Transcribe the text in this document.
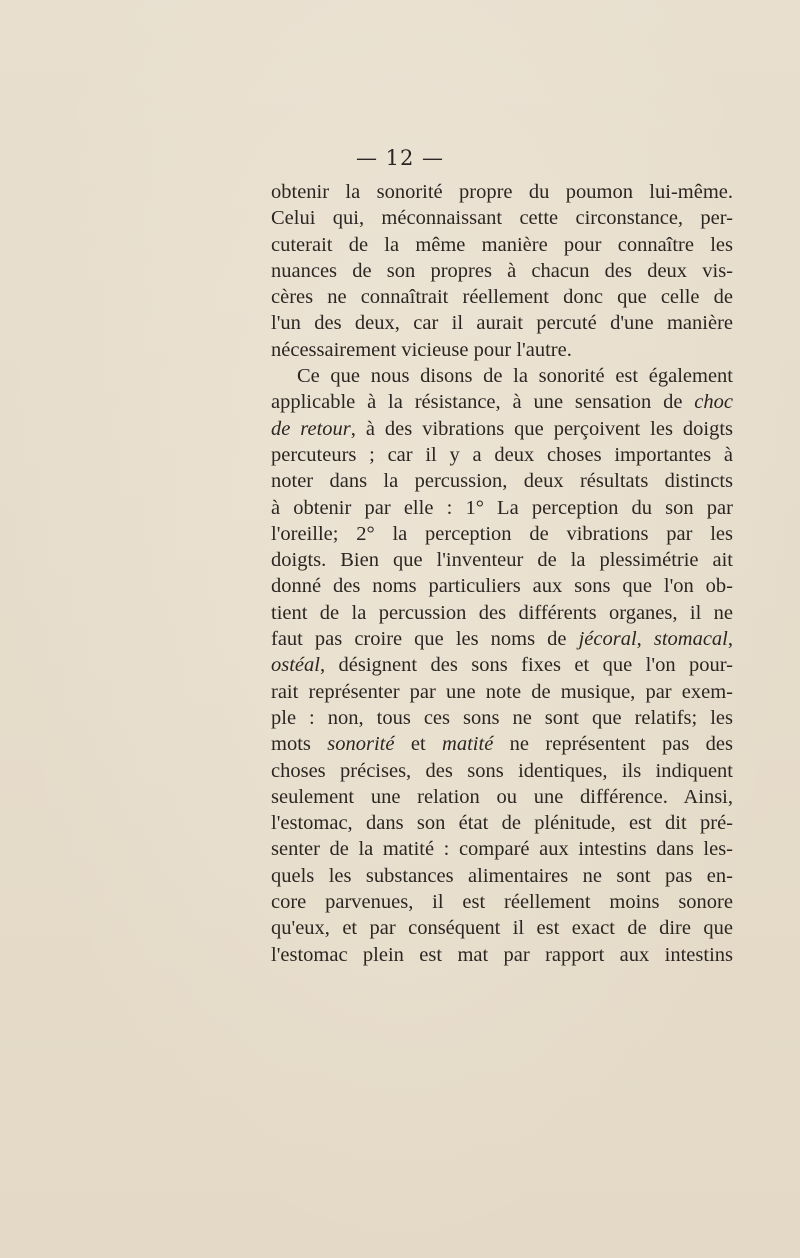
— 12 —
obtenir la sonorité propre du poumon lui-même.
Celui qui, méconnaissant cette circonstance, per-
cuterait de la même manière pour connaître les
nuances de son propres à chacun des deux vis-
cères ne connaîtrait réellement donc que celle de
l'un des deux, car il aurait percuté d'une manière
nécessairement vicieuse pour l'autre.
Ce que nous disons de la sonorité est également
applicable à la résistance, à une sensation de choc
de retour, à des vibrations que perçoivent les doigts
percuteurs ; car il y a deux choses importantes à
noter dans la percussion, deux résultats distincts
à obtenir par elle : 1° La perception du son par
l'oreille; 2° la perception de vibrations par les
doigts. Bien que l'inventeur de la plessimétrie ait
donné des noms particuliers aux sons que l'on ob-
tient de la percussion des différents organes, il ne
faut pas croire que les noms de jécoral, stomacal,
ostéal, désignent des sons fixes et que l'on pour-
rait représenter par une note de musique, par exem-
ple : non, tous ces sons ne sont que relatifs; les
mots sonorité et matité ne représentent pas des
choses précises, des sons identiques, ils indiquent
seulement une relation ou une différence. Ainsi,
l'estomac, dans son état de plénitude, est dit pré-
senter de la matité : comparé aux intestins dans les-
quels les substances alimentaires ne sont pas en-
core parvenues, il est réellement moins sonore
qu'eux, et par conséquent il est exact de dire que
l'estomac plein est mat par rapport aux intestins
